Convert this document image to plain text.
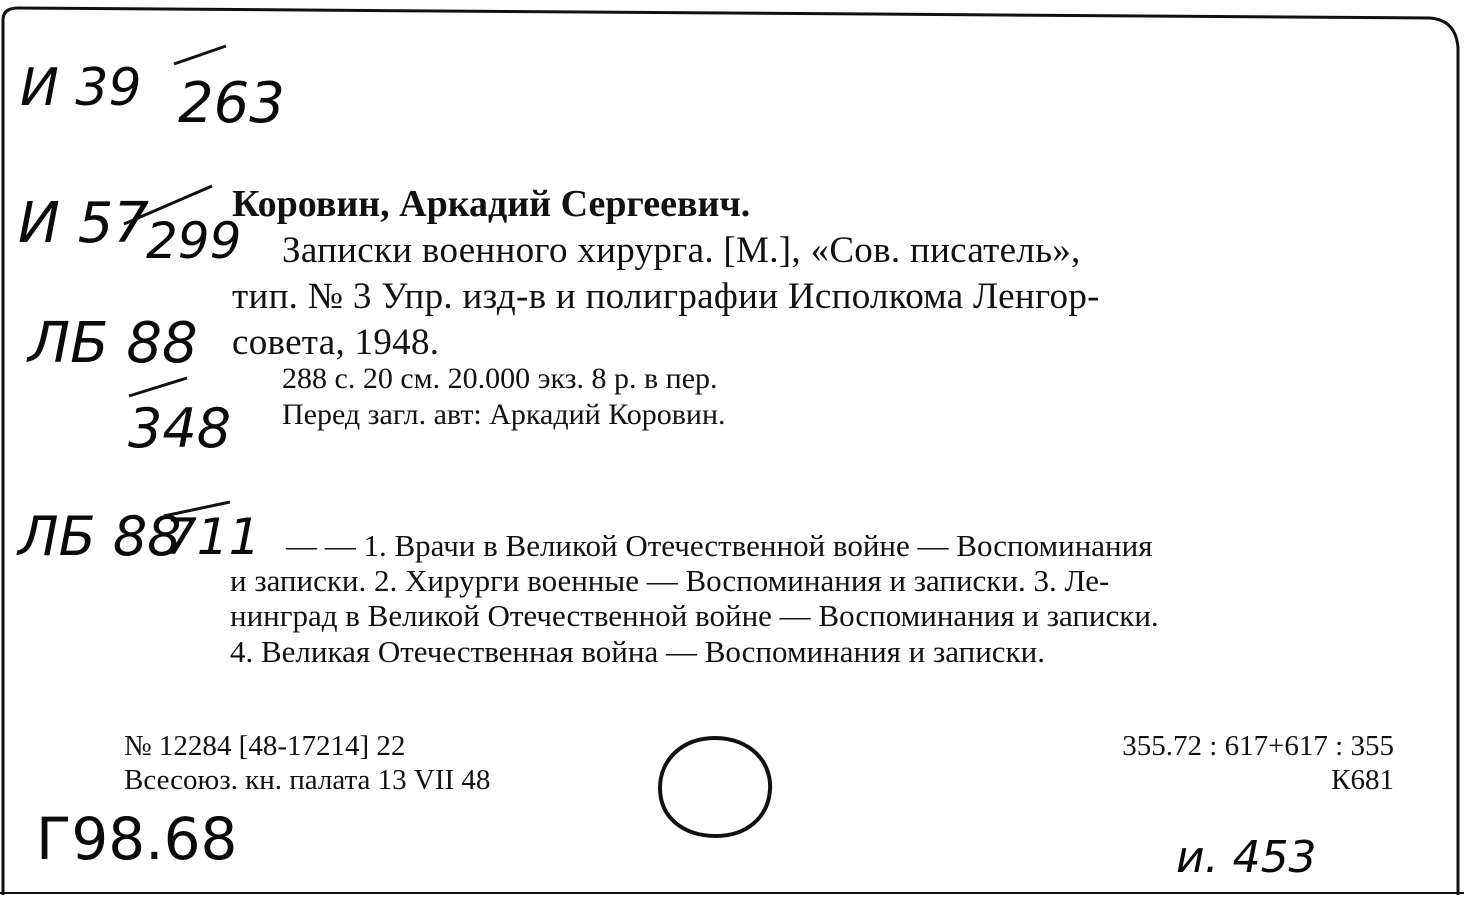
И 39 263
И 57
299
ЛБ 88
348
ЛБ 88
711
Коровин, Аркадий Сергеевич.
Записки военного хирурга. [М.], «Сов. писатель»,
тип. № 3 Упр. изд-в и полиграфии Исполкома Ленгор-
совета, 1948.
288 с. 20 см. 20.000 экз. 8 р. в пер.
Перед загл. авт: Аркадий Коровин.
— — 1. Врачи в Великой Отечественной войне — Воспоминания
и записки. 2. Хирурги военные — Воспоминания и записки. 3. Ле-
нинград в Великой Отечественной войне — Воспоминания и записки.
4. Великая Отечественная война — Воспоминания и записки.
№ 12284 [48-17214] 22
Всесоюз. кн. палата 13 VII 48
355.72 : 617+617 : 355
К681
Г98.68	и. 453
